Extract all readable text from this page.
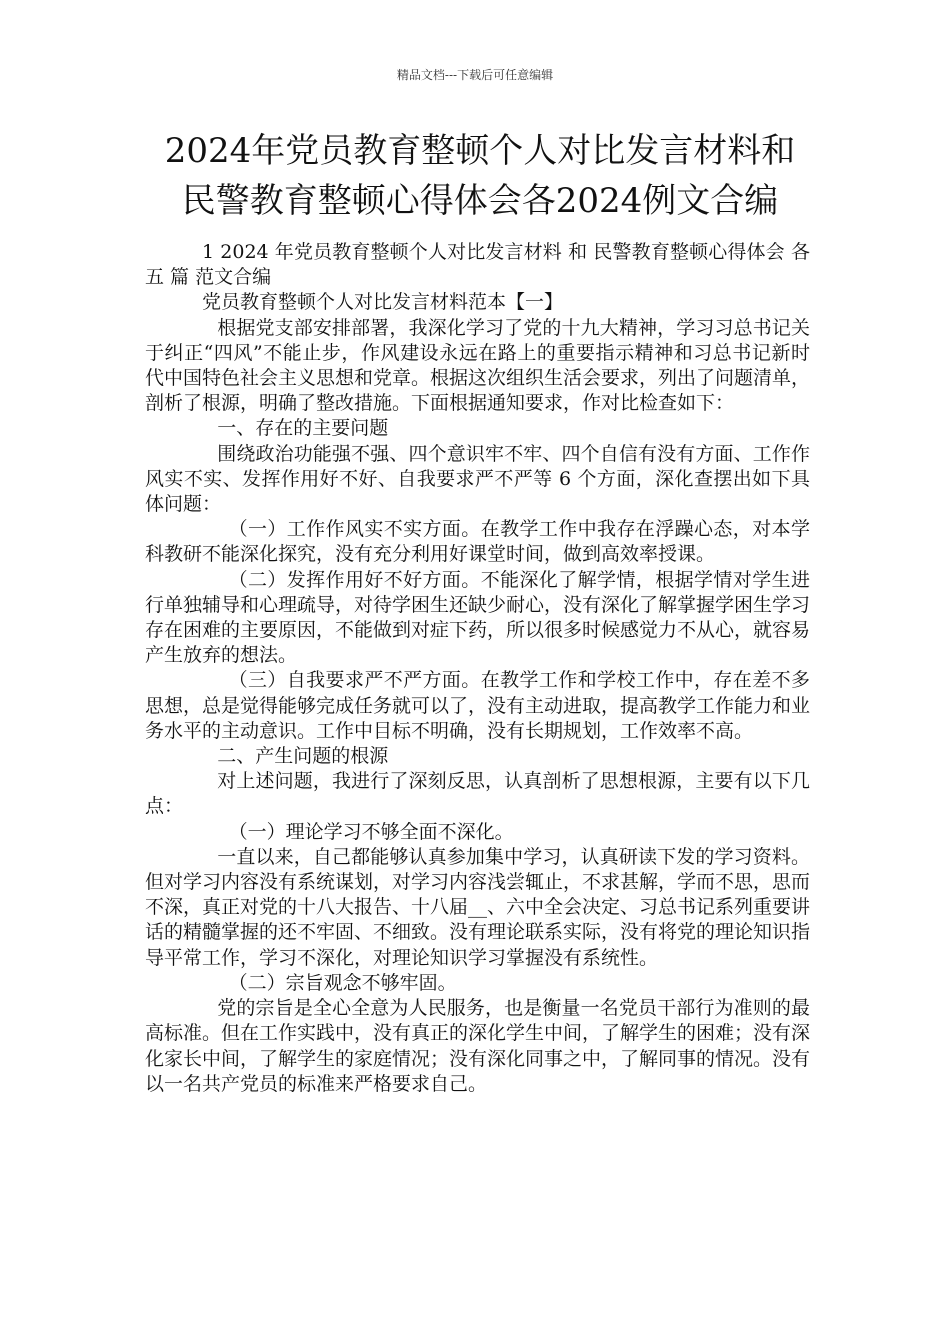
精品文档---下载后可任意编辑
2024年党员教育整顿个人对比发言材料和
民警教育整顿心得体会各2024例文合编

1 2024 年党员教育整顿个人对比发言材料 和 民警教育整顿心得体会 各五 篇 范文合编

党员教育整顿个人对比发言材料范本【一】

根据党支部安排部署，我深化学习了党的十九大精神，学习习总书记关于纠正“四风”不能止步，作风建设永远在路上的重要指示精神和习总书记新时代中国特色社会主义思想和党章。根据这次组织生活会要求，列出了问题清单，剖析了根源，明确了整改措施。下面根据通知要求，作对比检查如下：

一、存在的主要问题

围绕政治功能强不强、四个意识牢不牢、四个自信有没有方面、工作作风实不实、发挥作用好不好、自我要求严不严等 6 个方面，深化查摆出如下具体问题：

（一）工作作风实不实方面。在教学工作中我存在浮躁心态，对本学科教研不能深化探究，没有充分利用好课堂时间，做到高效率授课。

（二）发挥作用好不好方面。不能深化了解学情，根据学情对学生进行单独辅导和心理疏导，对待学困生还缺少耐心，没有深化了解掌握学困生学习存在困难的主要原因，不能做到对症下药，所以很多时候感觉力不从心，就容易产生放弃的想法。

（三）自我要求严不严方面。在教学工作和学校工作中，存在差不多思想，总是觉得能够完成任务就可以了，没有主动进取，提高教学工作能力和业务水平的主动意识。工作中目标不明确，没有长期规划，工作效率不高。

二、产生问题的根源

对上述问题，我进行了深刻反思，认真剖析了思想根源，主要有以下几点：

（一）理论学习不够全面不深化。

一直以来，自己都能够认真参加集中学习，认真研读下发的学习资料。但对学习内容没有系统谋划，对学习内容浅尝辄止，不求甚解，学而不思，思而不深，真正对党的十八大报告、十八届__、六中全会决定、习总书记系列重要讲话的精髓掌握的还不牢固、不细致。没有理论联系实际，没有将党的理论知识指导平常工作，学习不深化，对理论知识学习掌握没有系统性。

（二）宗旨观念不够牢固。

党的宗旨是全心全意为人民服务，也是衡量一名党员干部行为准则的最高标准。但在工作实践中，没有真正的深化学生中间，了解学生的困难；没有深化家长中间，了解学生的家庭情况；没有深化同事之中，了解同事的情况。没有以一名共产党员的标准来严格要求自己。
